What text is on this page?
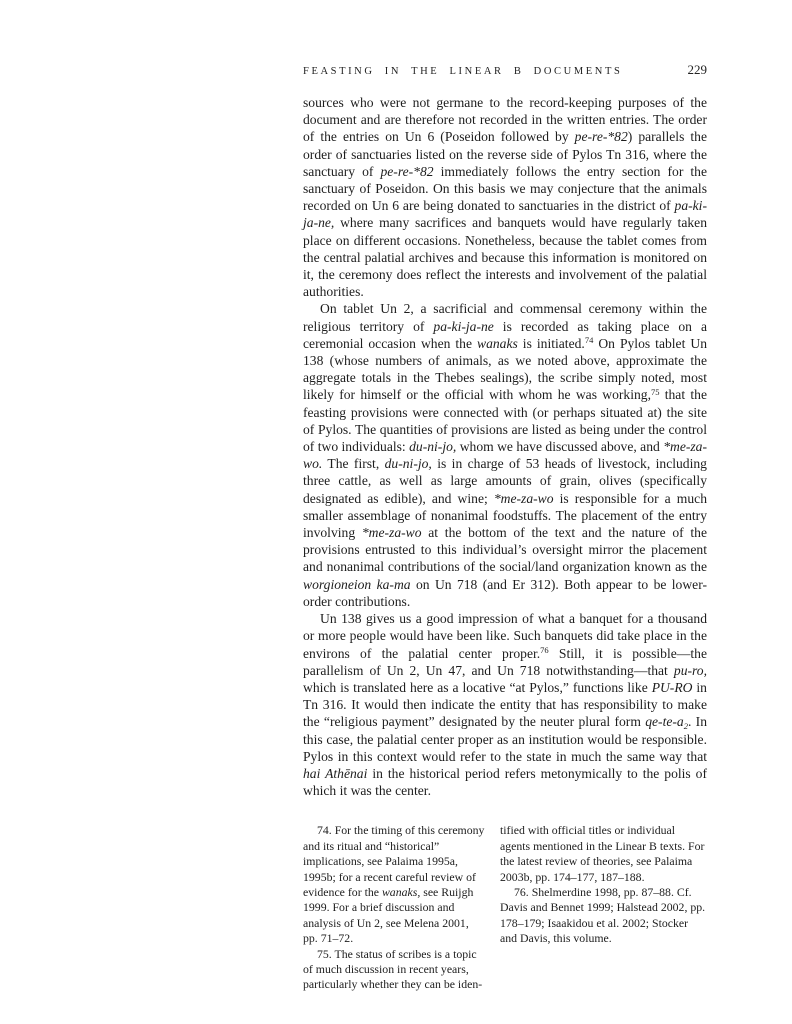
FEASTING IN THE LINEAR B DOCUMENTS	229

sources who were not germane to the record-keeping purposes of the document and are therefore not recorded in the written entries. The order of the entries on Un 6 (Poseidon followed by pe-re-*82) parallels the order of sanctuaries listed on the reverse side of Pylos Tn 316, where the sanctuary of pe-re-*82 immediately follows the entry section for the sanctuary of Poseidon. On this basis we may conjecture that the animals recorded on Un 6 are being donated to sanctuaries in the district of pa-ki-ja-ne, where many sacrifices and banquets would have regularly taken place on different occasions. Nonetheless, because the tablet comes from the central palatial archives and because this information is monitored on it, the ceremony does reflect the interests and involvement of the palatial authorities.

On tablet Un 2, a sacrificial and commensal ceremony within the religious territory of pa-ki-ja-ne is recorded as taking place on a ceremonial occasion when the wanaks is initiated.$^{74}$ On Pylos tablet Un 138 (whose numbers of animals, as we noted above, approximate the aggregate totals in the Thebes sealings), the scribe simply noted, most likely for himself or the official with whom he was working,$^{75}$ that the feasting provisions were connected with (or perhaps situated at) the site of Pylos. The quantities of provisions are listed as being under the control of two individuals: du-ni-jo, whom we have discussed above, and *me-za-wo. The first, du-ni-jo, is in charge of 53 heads of livestock, including three cattle, as well as large amounts of grain, olives (specifically designated as edible), and wine; *me-za-wo is responsible for a much smaller assemblage of nonanimal foodstuffs. The placement of the entry involving *me-za-wo at the bottom of the text and the nature of the provisions entrusted to this individual’s oversight mirror the placement and nonanimal contributions of the social/land organization known as the worgioneion ka-ma on Un 718 (and Er 312). Both appear to be lower-order contributions.

Un 138 gives us a good impression of what a banquet for a thousand or more people would have been like. Such banquets did take place in the environs of the palatial center proper.$^{76}$ Still, it is possible—the parallelism of Un 2, Un 47, and Un 718 notwithstanding—that pu-ro, which is translated here as a locative “at Pylos,” functions like PU-RO in Tn 316. It would then indicate the entity that has responsibility to make the “religious payment” designated by the neuter plural form qe-te-a2. In this case, the palatial center proper as an institution would be responsible. Pylos in this context would refer to the state in much the same way that hai Athēnai in the historical period refers metonymically to the polis of which it was the center.

74. For the timing of this ceremony and its ritual and “historical” implications, see Palaima 1995a, 1995b; for a recent careful review of evidence for the wanaks, see Ruijgh 1999. For a brief discussion and analysis of Un 2, see Melena 2001, pp. 71–72.

75. The status of scribes is a topic of much discussion in recent years, particularly whether they can be iden-

tified with official titles or individual agents mentioned in the Linear B texts. For the latest review of theories, see Palaima 2003b, pp. 174–177, 187–188.

76. Shelmerdine 1998, pp. 87–88. Cf. Davis and Bennet 1999; Halstead 2002, pp. 178–179; Isaakidou et al. 2002; Stocker and Davis, this volume.
